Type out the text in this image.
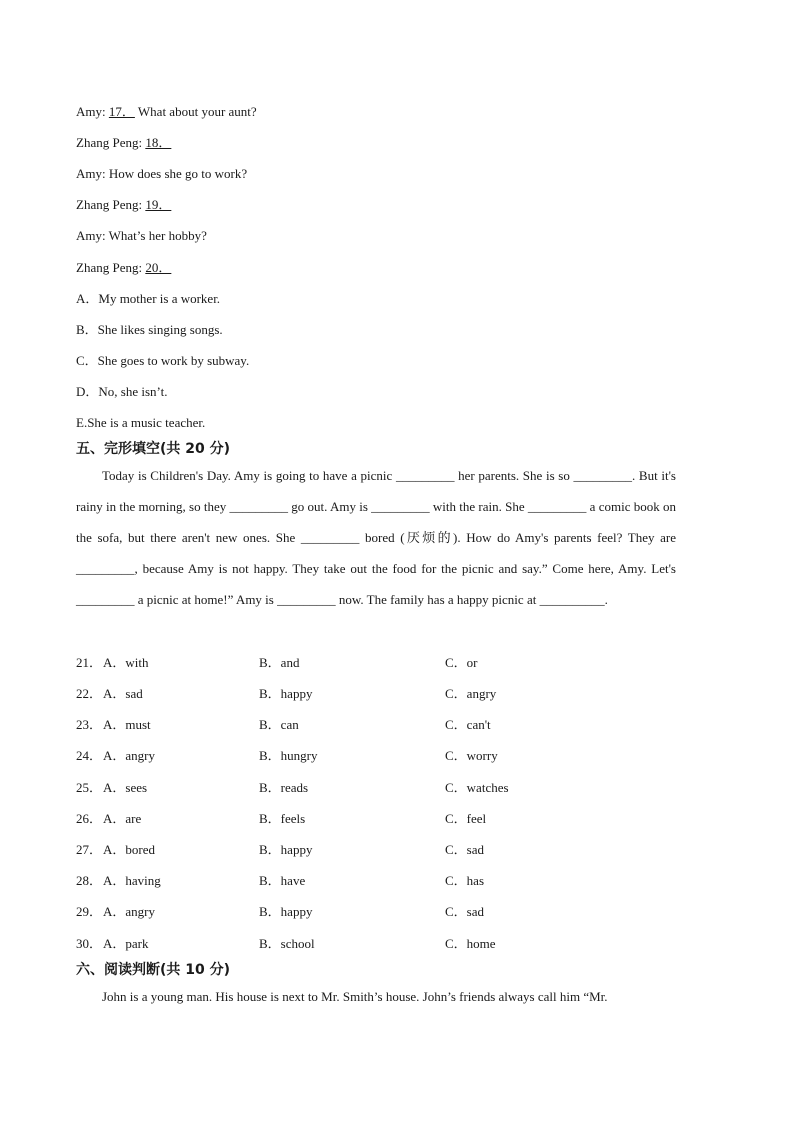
Amy: 17． What about your aunt?
Zhang Peng: 18．
Amy: How does she go to work?
Zhang Peng: 19．
Amy: What’s her hobby?
Zhang Peng: 20．
A．My mother is a worker.
B．She likes singing songs.
C．She goes to work by subway.
D．No, she isn’t.
E.She is a music teacher.
五、完形填空(共 20 分)
Today is Children's Day. Amy is going to have a picnic _________ her parents. She is so _________. But it's rainy in the morning, so they _________ go out. Amy is _________ with the rain. She _________ a comic book on the sofa, but there aren't new ones. She _________ bored (厌烦的). How do Amy's parents feel? They are _________, because Amy is not happy. They take out the food for the picnic and say.” Come here, Amy. Let's _________ a picnic at home!” Amy is _________ now. The family has a happy picnic at __________.
21． A．with	B．and	C．or
22． A．sad	B．happy	C．angry
23． A．must	B．can	C．can't
24． A．angry	B．hungry	C．worry
25． A．sees	B．reads	C．watches
26． A．are	B．feels	C．feel
27． A．bored	B．happy	C．sad
28． A．having	B．have	C．has
29． A．angry	B．happy	C．sad
30． A．park	B．school	C．home
六、阅读判断(共 10 分)
John is a young man. His house is next to Mr. Smith’s house. John’s friends always call him “Mr.
